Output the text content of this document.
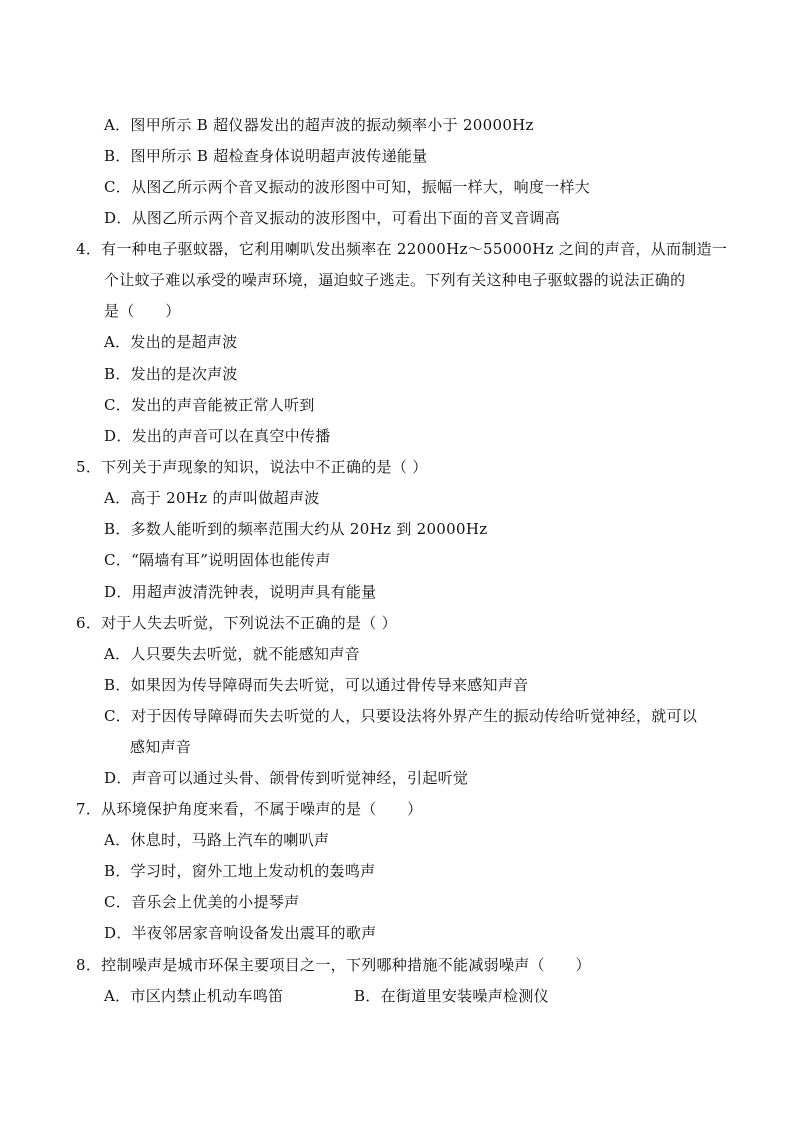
A．图甲所示 B 超仪器发出的超声波的振动频率小于 20000Hz
B．图甲所示 B 超检查身体说明超声波传递能量
C．从图乙所示两个音叉振动的波形图中可知，振幅一样大，响度一样大
D．从图乙所示两个音叉振动的波形图中，可看出下面的音叉音调高
4．有一种电子驱蚊器，它利用喇叭发出频率在 22000Hz～55000Hz 之间的声音，从而制造一
个让蚊子难以承受的噪声环境，逼迫蚊子逃走。下列有关这种电子驱蚊器的说法正确的
是（　　）
A．发出的是超声波
B．发出的是次声波
C．发出的声音能被正常人听到
D．发出的声音可以在真空中传播
5．下列关于声现象的知识，说法中不正确的是（ ）
A．高于 20Hz 的声叫做超声波
B．多数人能听到的频率范围大约从 20Hz 到 20000Hz
C．“隔墙有耳”说明固体也能传声
D．用超声波清洗钟表，说明声具有能量
6．对于人失去听觉，下列说法不正确的是（ ）
A．人只要失去听觉，就不能感知声音
B．如果因为传导障碍而失去听觉，可以通过骨传导来感知声音
C．对于因传导障碍而失去听觉的人，只要设法将外界产生的振动传给听觉神经，就可以
感知声音
D．声音可以通过头骨、颌骨传到听觉神经，引起听觉
7．从环境保护角度来看，不属于噪声的是（　　）
A．休息时，马路上汽车的喇叭声
B．学习时，窗外工地上发动机的轰鸣声
C．音乐会上优美的小提琴声
D．半夜邻居家音响设备发出震耳的歌声
8．控制噪声是城市环保主要项目之一，下列哪种措施不能减弱噪声（　　）
A．市区内禁止机动车鸣笛	B．在街道里安装噪声检测仪
